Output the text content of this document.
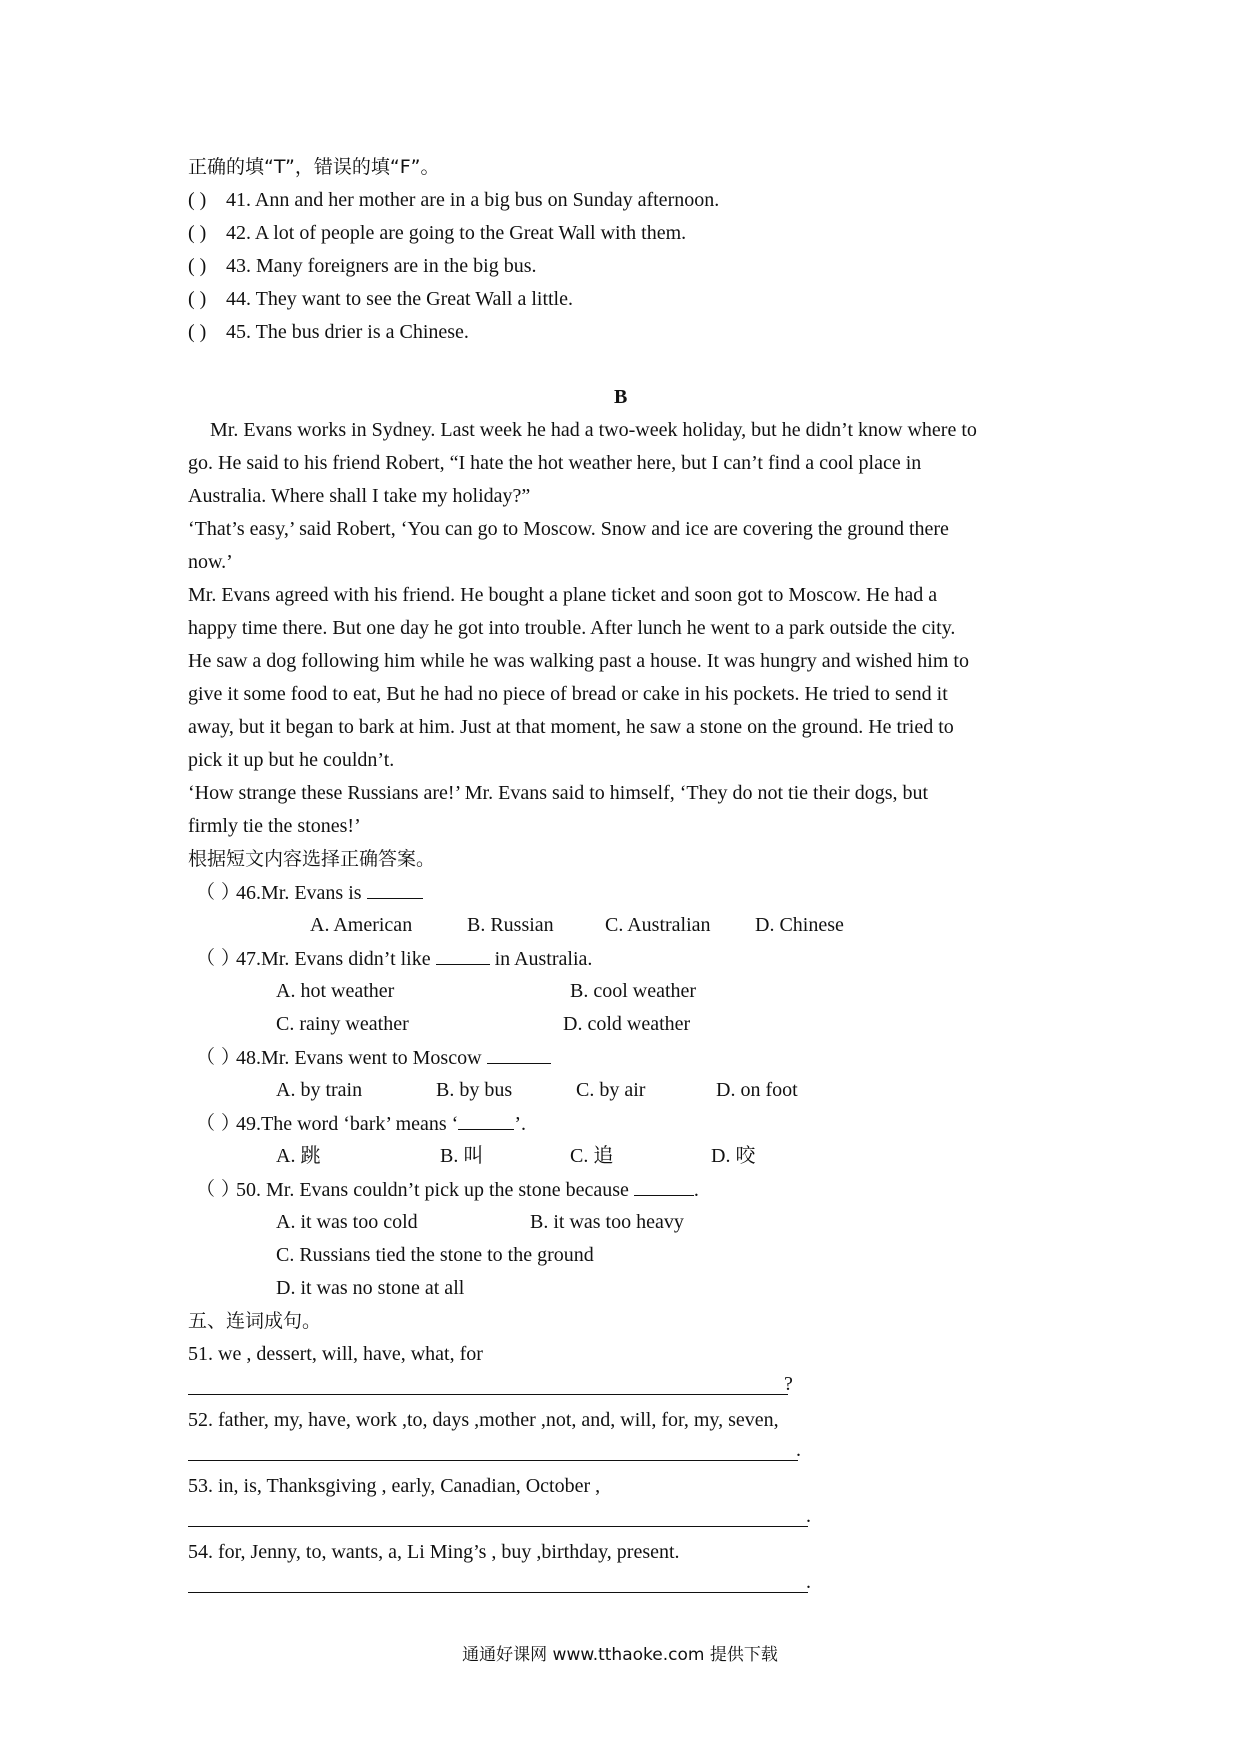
正确的填“T”，错误的填“F”。
( ) 41. Ann and her mother are in a big bus on Sunday afternoon.
( ) 42. A lot of people are going to the Great Wall with them.
( ) 43. Many foreigners are in the big bus.
( ) 44. They want to see the Great Wall a little.
( ) 45. The bus drier is a Chinese.
B
Mr. Evans works in Sydney. Last week he had a two-week holiday, but he didn’t know where to
go. He said to his friend Robert, “I hate the hot weather here, but I can’t find a cool place in
Australia. Where shall I take my holiday?”
‘That’s easy,’ said Robert, ‘You can go to Moscow. Snow and ice are covering the ground there
now.’
Mr. Evans agreed with his friend. He bought a plane ticket and soon got to Moscow. He had a
happy time there. But one day he got into trouble. After lunch he went to a park outside the city.
He saw a dog following him while he was walking past a house. It was hungry and wished him to
give it some food to eat, But he had no piece of bread or cake in his pockets. He tried to send it
away, but it began to bark at him. Just at that moment, he saw a stone on the ground. He tried to
pick it up but he couldn’t.
‘How strange these Russians are!’ Mr. Evans said to himself, ‘They do not tie their dogs, but
firmly tie the stones!’
根据短文内容选择正确答案。
（ ）
46.Mr. Evans is
A. American	B. Russian	C. Australian D. Chinese
（ ）
47.Mr. Evans didn’t like	in Australia.
A. hot weather	B. cool weather
C. rainy weather	D. cold weather
（ ）
48.Mr. Evans went to Moscow
A. by train	B. by bus	C. by air	D. on foot
（ ）
49.The word ‘bark’ means ‘	’.
A. 跳	B. 叫	C. 追	D. 咬
（ ）
50. Mr. Evans couldn’t pick up the stone because	.
A. it was too cold	B. it was too heavy
C. Russians tied the stone to the ground
D. it was no stone at all
五、连词成句。
51. we , dessert, will, have, what, for
?
52. father, my, have, work ,to, days ,mother ,not, and, will, for, my, seven,
.
53. in, is, Thanksgiving , early, Canadian, October ,
.
54. for, Jenny, to, wants, a, Li Ming’s , buy ,birthday, present.
.
通通好课网 www.tthaoke.com 提供下载
